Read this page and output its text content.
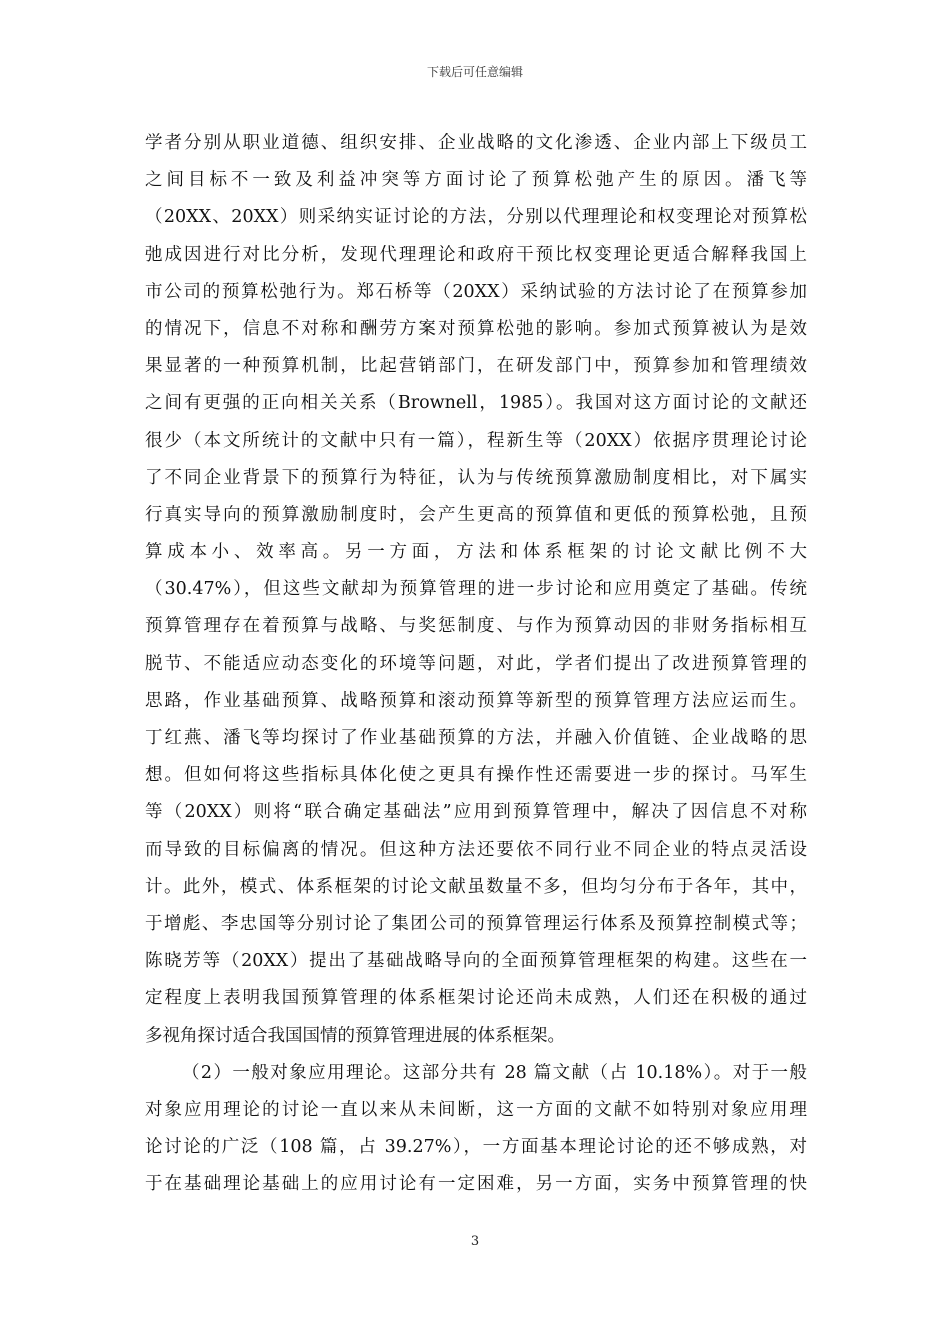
下载后可任意编辑
学者分别从职业道德、组织安排、企业战略的文化渗透、企业内部上下级员工
之间目标不一致及利益冲突等方面讨论了预算松弛产生的原因。潘飞等
（20XX、20XX）则采纳实证讨论的方法，分别以代理理论和权变理论对预算松
弛成因进行对比分析，发现代理理论和政府干预比权变理论更适合解释我国上
市公司的预算松弛行为。郑石桥等（20XX）采纳试验的方法讨论了在预算参加
的情况下，信息不对称和酬劳方案对预算松弛的影响。参加式预算被认为是效
果显著的一种预算机制，比起营销部门，在研发部门中，预算参加和管理绩效
之间有更强的正向相关关系（Brownell，1985）。我国对这方面讨论的文献还
很少（本文所统计的文献中只有一篇），程新生等（20XX）依据序贯理论讨论
了不同企业背景下的预算行为特征，认为与传统预算激励制度相比，对下属实
行真实导向的预算激励制度时，会产生更高的预算值和更低的预算松弛，且预
算成本小、效率高。另一方面，方法和体系框架的讨论文献比例不大
（30.47%），但这些文献却为预算管理的进一步讨论和应用奠定了基础。传统
预算管理存在着预算与战略、与奖惩制度、与作为预算动因的非财务指标相互
脱节、不能适应动态变化的环境等问题，对此，学者们提出了改进预算管理的
思路，作业基础预算、战略预算和滚动预算等新型的预算管理方法应运而生。
丁红燕、潘飞等均探讨了作业基础预算的方法，并融入价值链、企业战略的思
想。但如何将这些指标具体化使之更具有操作性还需要进一步的探讨。马军生
等（20XX）则将“联合确定基础法”应用到预算管理中，解决了因信息不对称
而导致的目标偏离的情况。但这种方法还要依不同行业不同企业的特点灵活设
计。此外，模式、体系框架的讨论文献虽数量不多，但均匀分布于各年，其中，
于增彪、李忠国等分别讨论了集团公司的预算管理运行体系及预算控制模式等；
陈晓芳等（20XX）提出了基础战略导向的全面预算管理框架的构建。这些在一
定程度上表明我国预算管理的体系框架讨论还尚未成熟，人们还在积极的通过
多视角探讨适合我国国情的预算管理进展的体系框架。
（2）一般对象应用理论。这部分共有 28 篇文献（占 10.18%）。对于一般
对象应用理论的讨论一直以来从未间断，这一方面的文献不如特别对象应用理
论讨论的广泛（108 篇，占 39.27%），一方面基本理论讨论的还不够成熟，对
于在基础理论基础上的应用讨论有一定困难，另一方面，实务中预算管理的快
3
